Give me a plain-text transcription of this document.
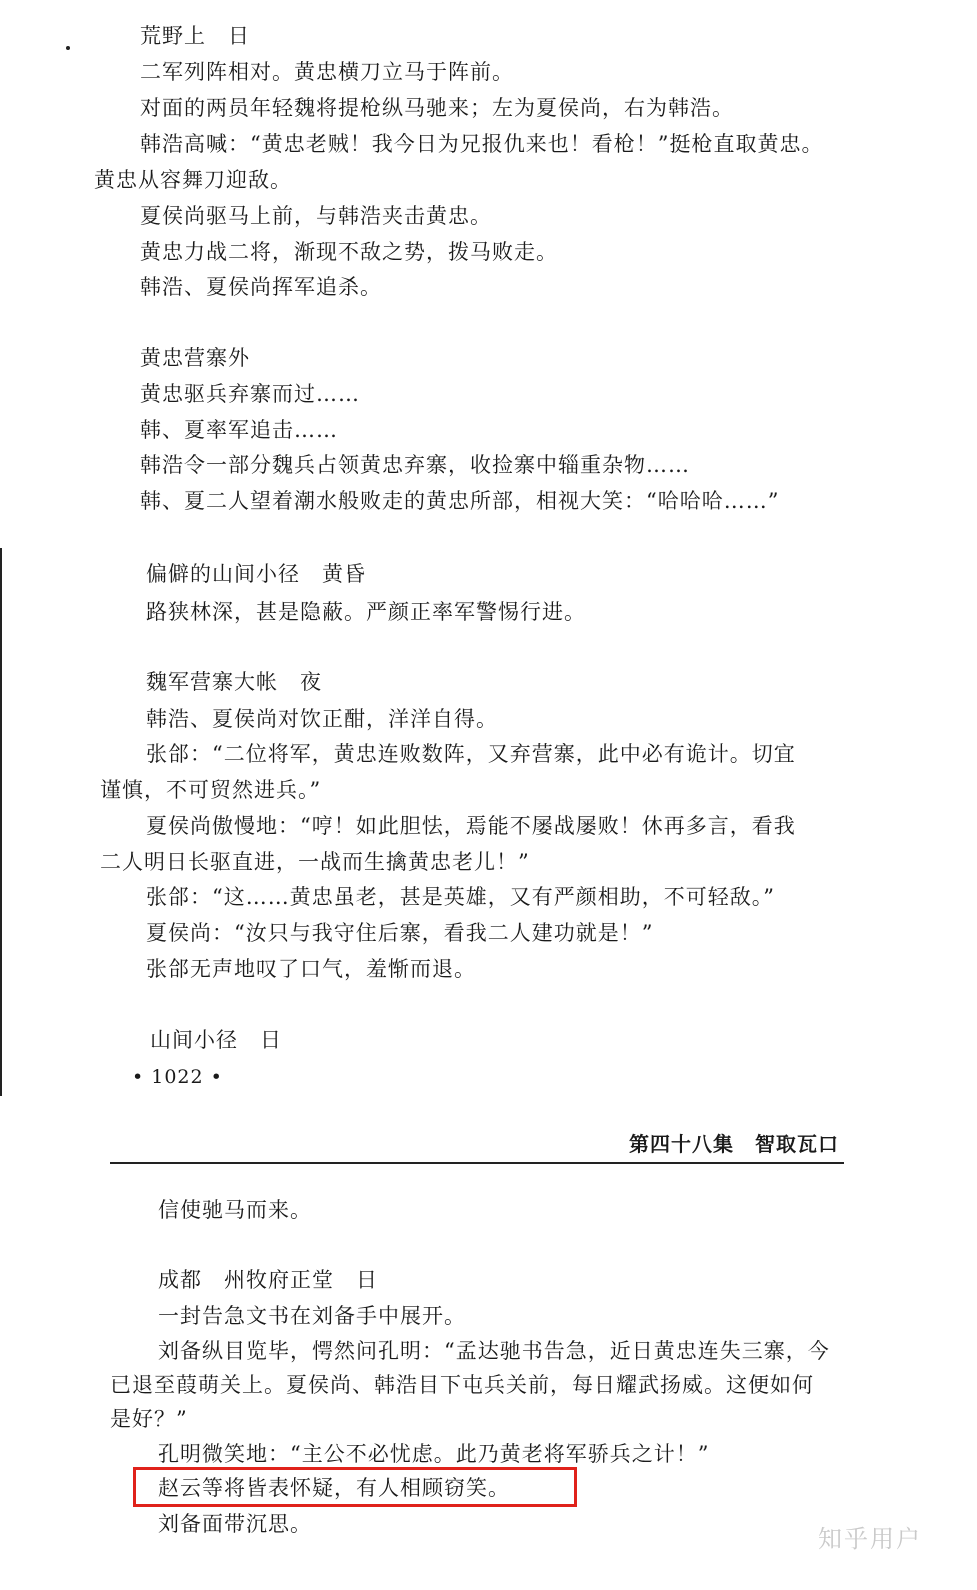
荒野上　日
二军列阵相对。黄忠横刀立马于阵前。
对面的两员年轻魏将提枪纵马驰来；左为夏侯尚，右为韩浩。
韩浩高喊：“黄忠老贼！我今日为兄报仇来也！看枪！”挺枪直取黄忠。
黄忠从容舞刀迎敌。
夏侯尚驱马上前，与韩浩夹击黄忠。
黄忠力战二将，渐现不敌之势，拨马败走。
韩浩、夏侯尚挥军追杀。
黄忠营寨外
黄忠驱兵弃寨而过……
韩、夏率军追击……
韩浩令一部分魏兵占领黄忠弃寨，收捡寨中辎重杂物……
韩、夏二人望着潮水般败走的黄忠所部，相视大笑：“哈哈哈……”
偏僻的山间小径　黄昏
路狭林深，甚是隐蔽。严颜正率军警惕行进。
魏军营寨大帐　夜
韩浩、夏侯尚对饮正酣，洋洋自得。
张郃：“二位将军，黄忠连败数阵，又弃营寨，此中必有诡计。切宜
谨慎，不可贸然进兵。”
夏侯尚傲慢地：“哼！如此胆怯，焉能不屡战屡败！休再多言，看我
二人明日长驱直进，一战而生擒黄忠老儿！”
张郃：“这……黄忠虽老，甚是英雄，又有严颜相助，不可轻敌。”
夏侯尚：“汝只与我守住后寨，看我二人建功就是！”
张郃无声地叹了口气，羞惭而退。
山间小径　日
• 1022 •
第四十八集　智取瓦口
信使驰马而来。
成都　州牧府正堂　日
一封告急文书在刘备手中展开。
刘备纵目览毕，愕然问孔明：“孟达驰书告急，近日黄忠连失三寨，今
已退至葭萌关上。夏侯尚、韩浩目下屯兵关前，每日耀武扬威。这便如何
是好？”
孔明微笑地：“主公不必忧虑。此乃黄老将军骄兵之计！”
赵云等将皆表怀疑，有人相顾窃笑。
刘备面带沉思。
知乎用户
